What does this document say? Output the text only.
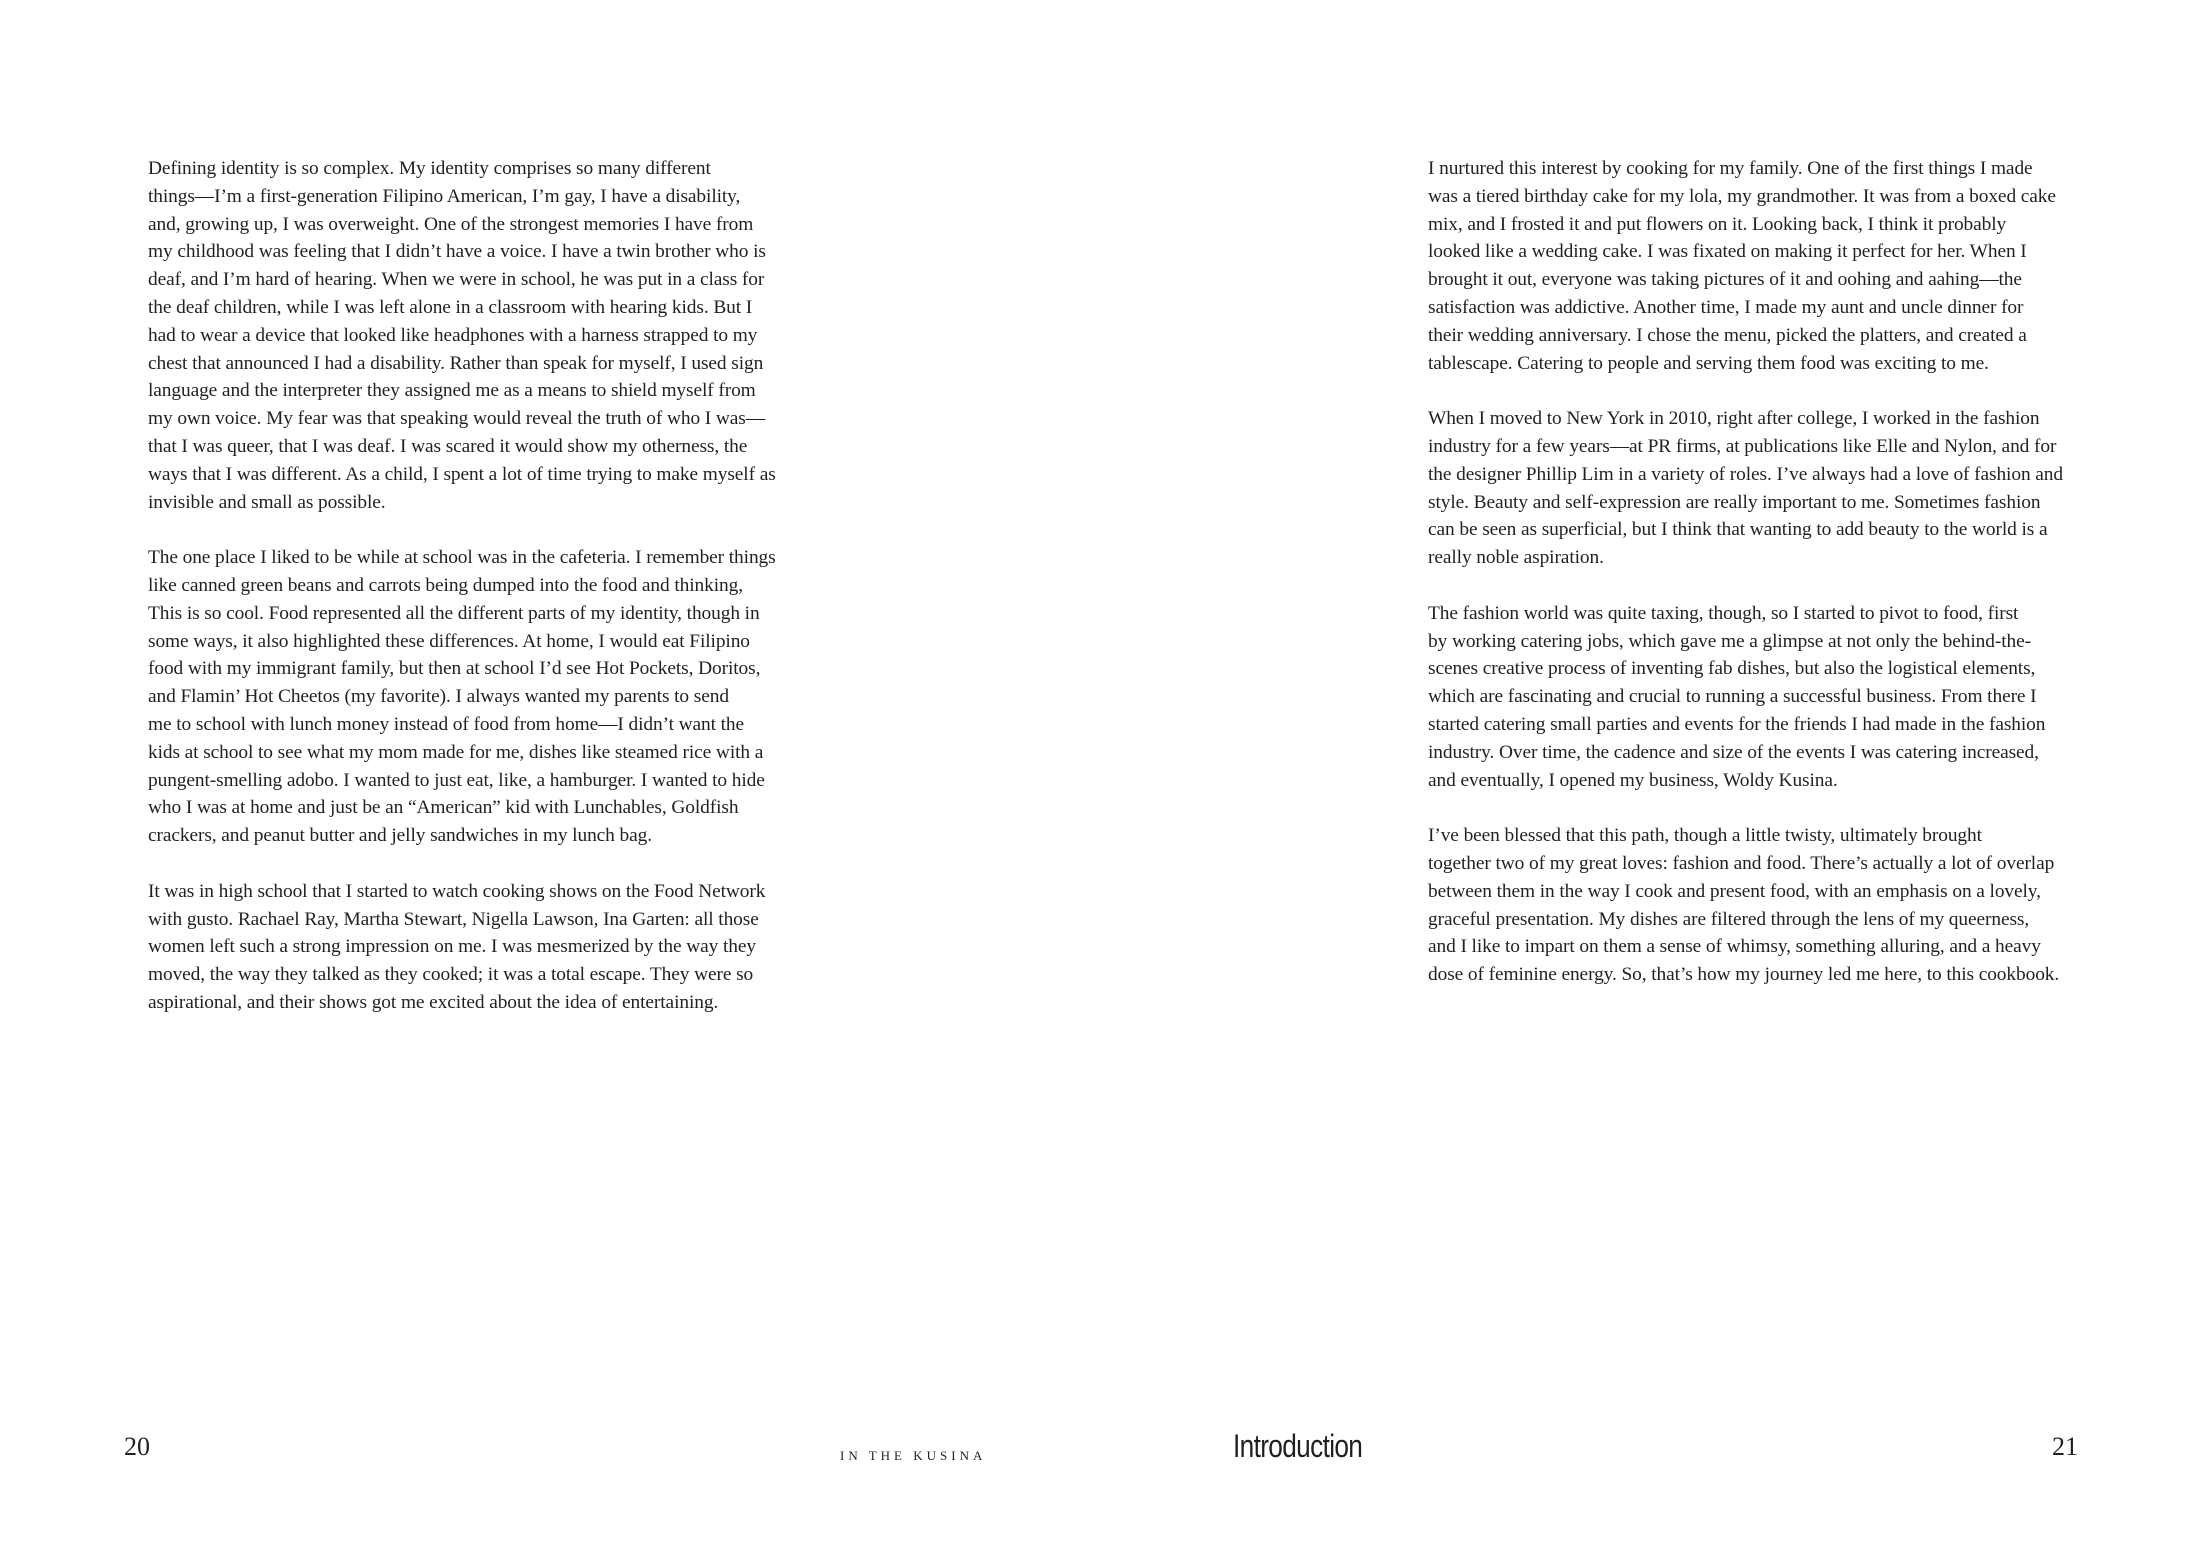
Defining identity is so complex. My identity comprises so many different
things—I’m a first-generation Filipino American, I’m gay, I have a disability,
and, growing up, I was overweight. One of the strongest memories I have from
my childhood was feeling that I didn’t have a voice. I have a twin brother who is
deaf, and I’m hard of hearing. When we were in school, he was put in a class for
the deaf children, while I was left alone in a classroom with hearing kids. But I
had to wear a device that looked like headphones with a harness strapped to my
chest that announced I had a disability. Rather than speak for myself, I used sign
language and the interpreter they assigned me as a means to shield myself from
my own voice. My fear was that speaking would reveal the truth of who I was—
that I was queer, that I was deaf. I was scared it would show my otherness, the
ways that I was different. As a child, I spent a lot of time trying to make myself as
invisible and small as possible.

The one place I liked to be while at school was in the cafeteria. I remember things
like canned green beans and carrots being dumped into the food and thinking,
This is so cool. Food represented all the different parts of my identity, though in
some ways, it also highlighted these differences. At home, I would eat Filipino
food with my immigrant family, but then at school I’d see Hot Pockets, Doritos,
and Flamin’ Hot Cheetos (my favorite). I always wanted my parents to send
me to school with lunch money instead of food from home—I didn’t want the
kids at school to see what my mom made for me, dishes like steamed rice with a
pungent-smelling adobo. I wanted to just eat, like, a hamburger. I wanted to hide
who I was at home and just be an “American” kid with Lunchables, Goldfish
crackers, and peanut butter and jelly sandwiches in my lunch bag.

It was in high school that I started to watch cooking shows on the Food Network
with gusto. Rachael Ray, Martha Stewart, Nigella Lawson, Ina Garten: all those
women left such a strong impression on me. I was mesmerized by the way they
moved, the way they talked as they cooked; it was a total escape. They were so
aspirational, and their shows got me excited about the idea of entertaining.

20	IN THE KUSINA

I nurtured this interest by cooking for my family. One of the first things I made
was a tiered birthday cake for my lola, my grandmother. It was from a boxed cake
mix, and I frosted it and put flowers on it. Looking back, I think it probably
looked like a wedding cake. I was fixated on making it perfect for her. When I
brought it out, everyone was taking pictures of it and oohing and aahing—the
satisfaction was addictive. Another time, I made my aunt and uncle dinner for
their wedding anniversary. I chose the menu, picked the platters, and created a
tablescape. Catering to people and serving them food was exciting to me.

When I moved to New York in 2010, right after college, I worked in the fashion
industry for a few years—at PR firms, at publications like Elle and Nylon, and for
the designer Phillip Lim in a variety of roles. I’ve always had a love of fashion and
style. Beauty and self-expression are really important to me. Sometimes fashion
can be seen as superficial, but I think that wanting to add beauty to the world is a
really noble aspiration.

The fashion world was quite taxing, though, so I started to pivot to food, first
by working catering jobs, which gave me a glimpse at not only the behind-the-
scenes creative process of inventing fab dishes, but also the logistical elements,
which are fascinating and crucial to running a successful business. From there I
started catering small parties and events for the friends I had made in the fashion
industry. Over time, the cadence and size of the events I was catering increased,
and eventually, I opened my business, Woldy Kusina.

I’ve been blessed that this path, though a little twisty, ultimately brought
together two of my great loves: fashion and food. There’s actually a lot of overlap
between them in the way I cook and present food, with an emphasis on a lovely,
graceful presentation. My dishes are filtered through the lens of my queerness,
and I like to impart on them a sense of whimsy, something alluring, and a heavy
dose of feminine energy. So, that’s how my journey led me here, to this cookbook.

Introduction	21
